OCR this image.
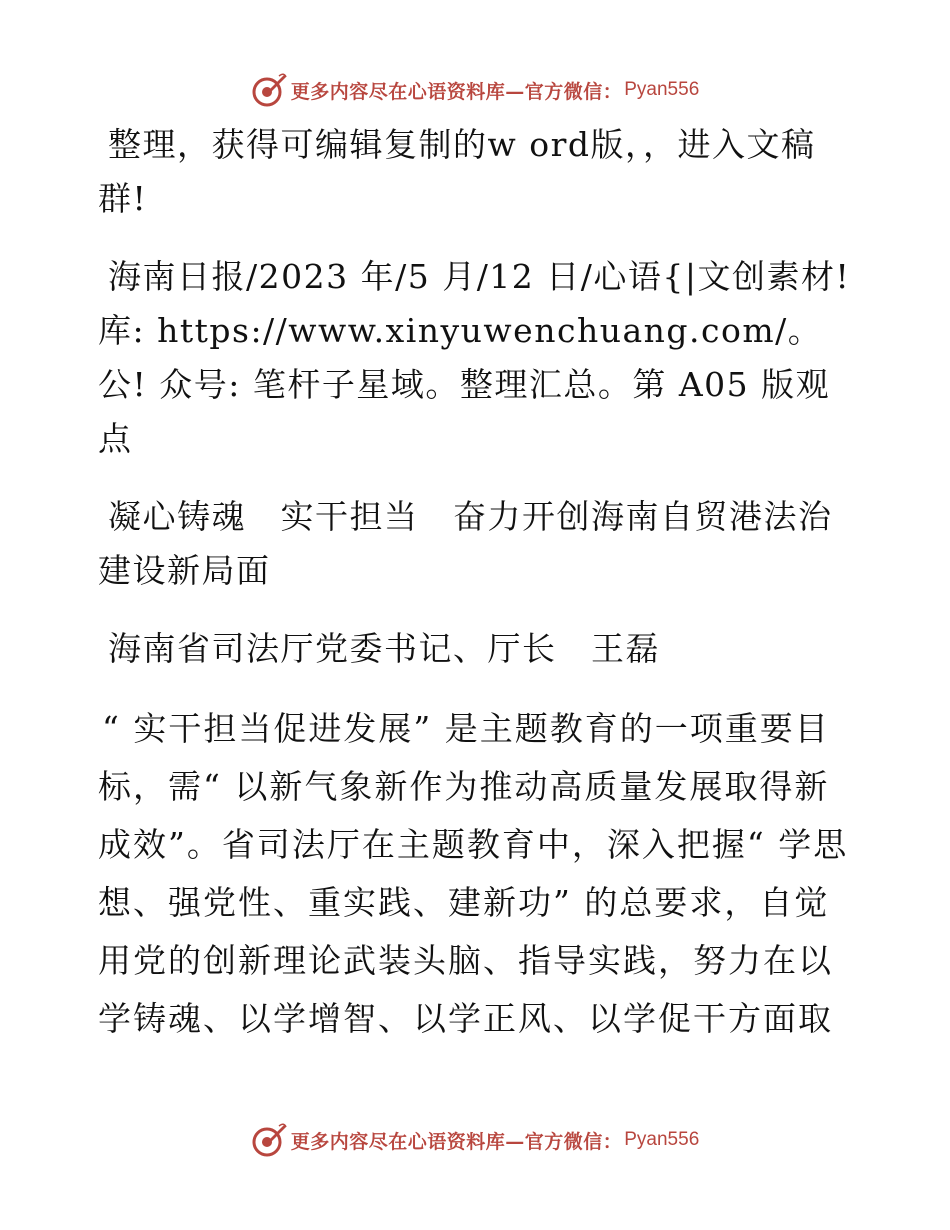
更多内容尽在心语资料库—官方微信： Pyan556

整理，获得可编辑复制的w ord版，，进入文稿群!

海南日报/2023 年/5 月/12 日/心语{|文创素材! 库: https://www.xinyuwenchuang.com/。公! 众号: 笔杆子星域。整理汇总。第 A05 版观点

凝心铸魂　实干担当　奋力开创海南自贸港法治建设新局面

海南省司法厅党委书记、厅长　王磊

“ 实干担当促进发展” 是主题教育的一项重要目标，需“ 以新气象新作为推动高质量发展取得新成效”。省司法厅在主题教育中，深入把握“ 学思想、强党性、重实践、建新功” 的总要求，自觉用党的创新理论武装头脑、指导实践，努力在以学铸魂、以学增智、以学正风、以学促干方面取

更多内容尽在心语资料库—官方微信： Pyan556
